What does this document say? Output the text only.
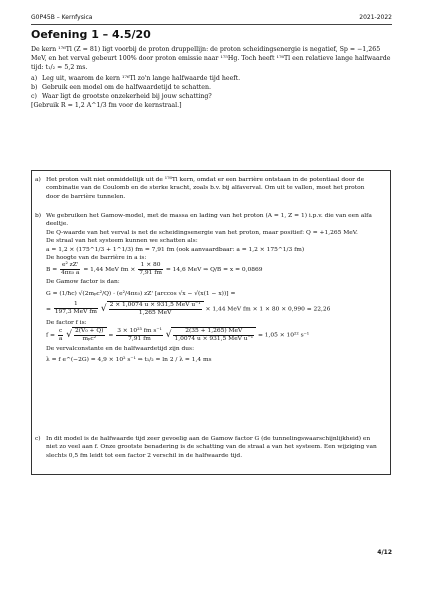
G0P45B – Kernfysica	2021-2022
Oefening 1 – 4.5/20

De kern ¹⁷⁶Tl (Z = 81) ligt voorbij de proton druppellijn: de proton scheidingsenergie is negatief, Sp = −1,265 MeV, en het verval gebeurt 100% door proton emissie naar ¹⁷⁵Hg. Toch heeft ¹⁷⁶Tl een relatieve lange halfwaarde tijd: t₁/₂ ≈ 5,2 ms.

a) Leg uit, waarom de kern ¹⁷⁶Tl zo'n lange halfwaarde tijd heeft.
b) Gebruik een model om de halfwaardetijd te schatten.
c) Waar ligt de grootste onzekerheid bij jouw schatting?

[Gebruik R = 1,2 A^1/3 fm voor de kernstraal.]

a) Het proton valt niet onmiddellijk uit de ¹⁷⁶Tl kern, omdat er een barrière ontstaan in de potentiaal door de combinatie van de Coulomb en de sterke kracht, zoals b.v. bij alfaverval. Om uit te vallen, moet het proton door de barrière tunnelen.

b) We gebruiken het Gamow-model, met de massa en lading van het proton (A = 1, Z = 1) i.p.v. die van een alfa deeltje.

De Q-waarde van het verval is net de scheidingsenergie van het proton, maar positief: Q = +1,265 MeV.

De straal van het systeem kunnen we schatten als:

a = 1,2 × (175^1/3 + 1^1/3) fm = 7,91 fm (ook aanvaardbaar: a = 1,2 × 175^1/3 fm)

De hoogte van de barrière in a is:

$B = \frac{\text{e² zZ'}}{\text{4πε₀ a}} = 1,44$ MeV fm × $\frac{1 \times 80}{7,91 fm} = 14,6$ MeV ⇒ Q/B = x = 0,0869

De Gamow factor is dan:

G = (1/ħc) √(2mₚc²/Q) · (e²/4πε₀) zZ' [arccos √x − √(x(1 − x))] =
= $\frac{1}{\text{197,3 MeV fm}}$ √ $\frac{\text{2 × 1,0074 u × 931,5 MeV u⁻¹}}{\text{1,265 MeV}} \times 1,44$ MeV fm × 1 × 80 × 0,990 = 22,26

De factor f is:

$f = \frac{c}{a}$ √ $\frac{\text{2(V₀ + Q)}}{\text{mₚc²}} = \frac{\text{3 × 10²³ fm s⁻¹}}{7,91 fm}$ √ $\frac{\text{2(35 + 1,265) MeV}}{\text{1,0074 u × 931,5 MeV u⁻¹}} = 1,05 \times 10^{22}$ s⁻¹

De vervalconstante en de halfwaardetijd zijn dus:

λ = f e^(−2G) = 4,9 × 10² s⁻¹ ⇒ t₁/₂ = ln 2 / λ = 1,4 ms
c) In dit model is de halfwaarde tijd zeer gevoelig aan de Gamow factor G (de tunnelingswaarschijnlijkheid) en niet zo veel aan f. Onze grootste benadering is de schatting van de straal a van het systeem. Een wijziging van slechts 0,5 fm leidt tot een factor 2 verschil in de halfwaarde tijd.

4/12
